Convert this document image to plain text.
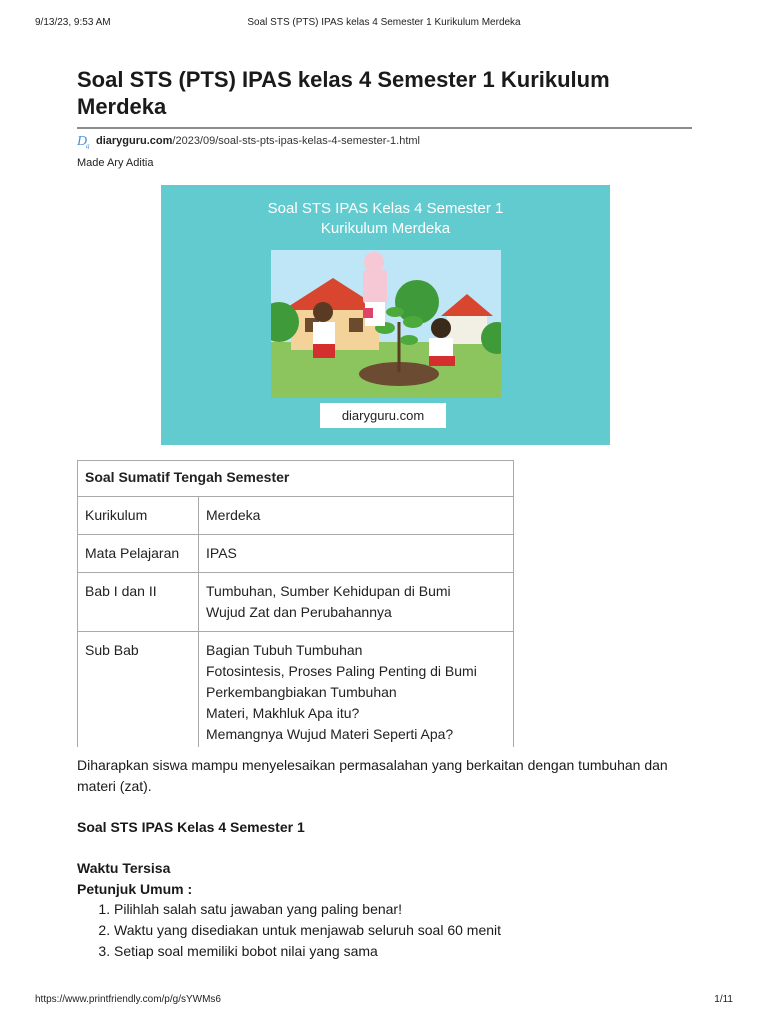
9/13/23, 9:53 AM	Soal STS (PTS) IPAS kelas 4 Semester 1 Kurikulum Merdeka
Soal STS (PTS) IPAS kelas 4 Semester 1 Kurikulum Merdeka
D
g diaryguru.com/2023/09/soal-sts-pts-ipas-kelas-4-semester-1.html
Made Ary Aditia
Soal STS IPAS Kelas 4 Semester 1
Kurikulum Merdeka
diaryguru.com
Soal Sumatif Tengah Semester	
Kurikulum	Merdeka

Mata Pelajaran	IPAS

Bab I dan II	Tumbuhan, Sumber Kehidupan di Bumi
Wujud Zat dan Perubahannya

Sub Bab	Bagian Tubuh Tumbuhan
Fotosintesis, Proses Paling Penting di Bumi
Perkembangbiakan Tumbuhan
Materi, Makhluk Apa itu?
Memangnya Wujud Materi Seperti Apa?

Diharapkan siswa mampu menyelesaikan permasalahan yang berkaitan dengan tumbuhan dan materi (zat).

Soal STS IPAS Kelas 4 Semester 1

Waktu Tersisa

Petunjuk Umum :

1. Pilihlah salah satu jawaban yang paling benar!
2. Waktu yang disediakan untuk menjawab seluruh soal 60 menit
3. Setiap soal memiliki bobot nilai yang sama
https://www.printfriendly.com/p/g/sYWMs6	1/11
